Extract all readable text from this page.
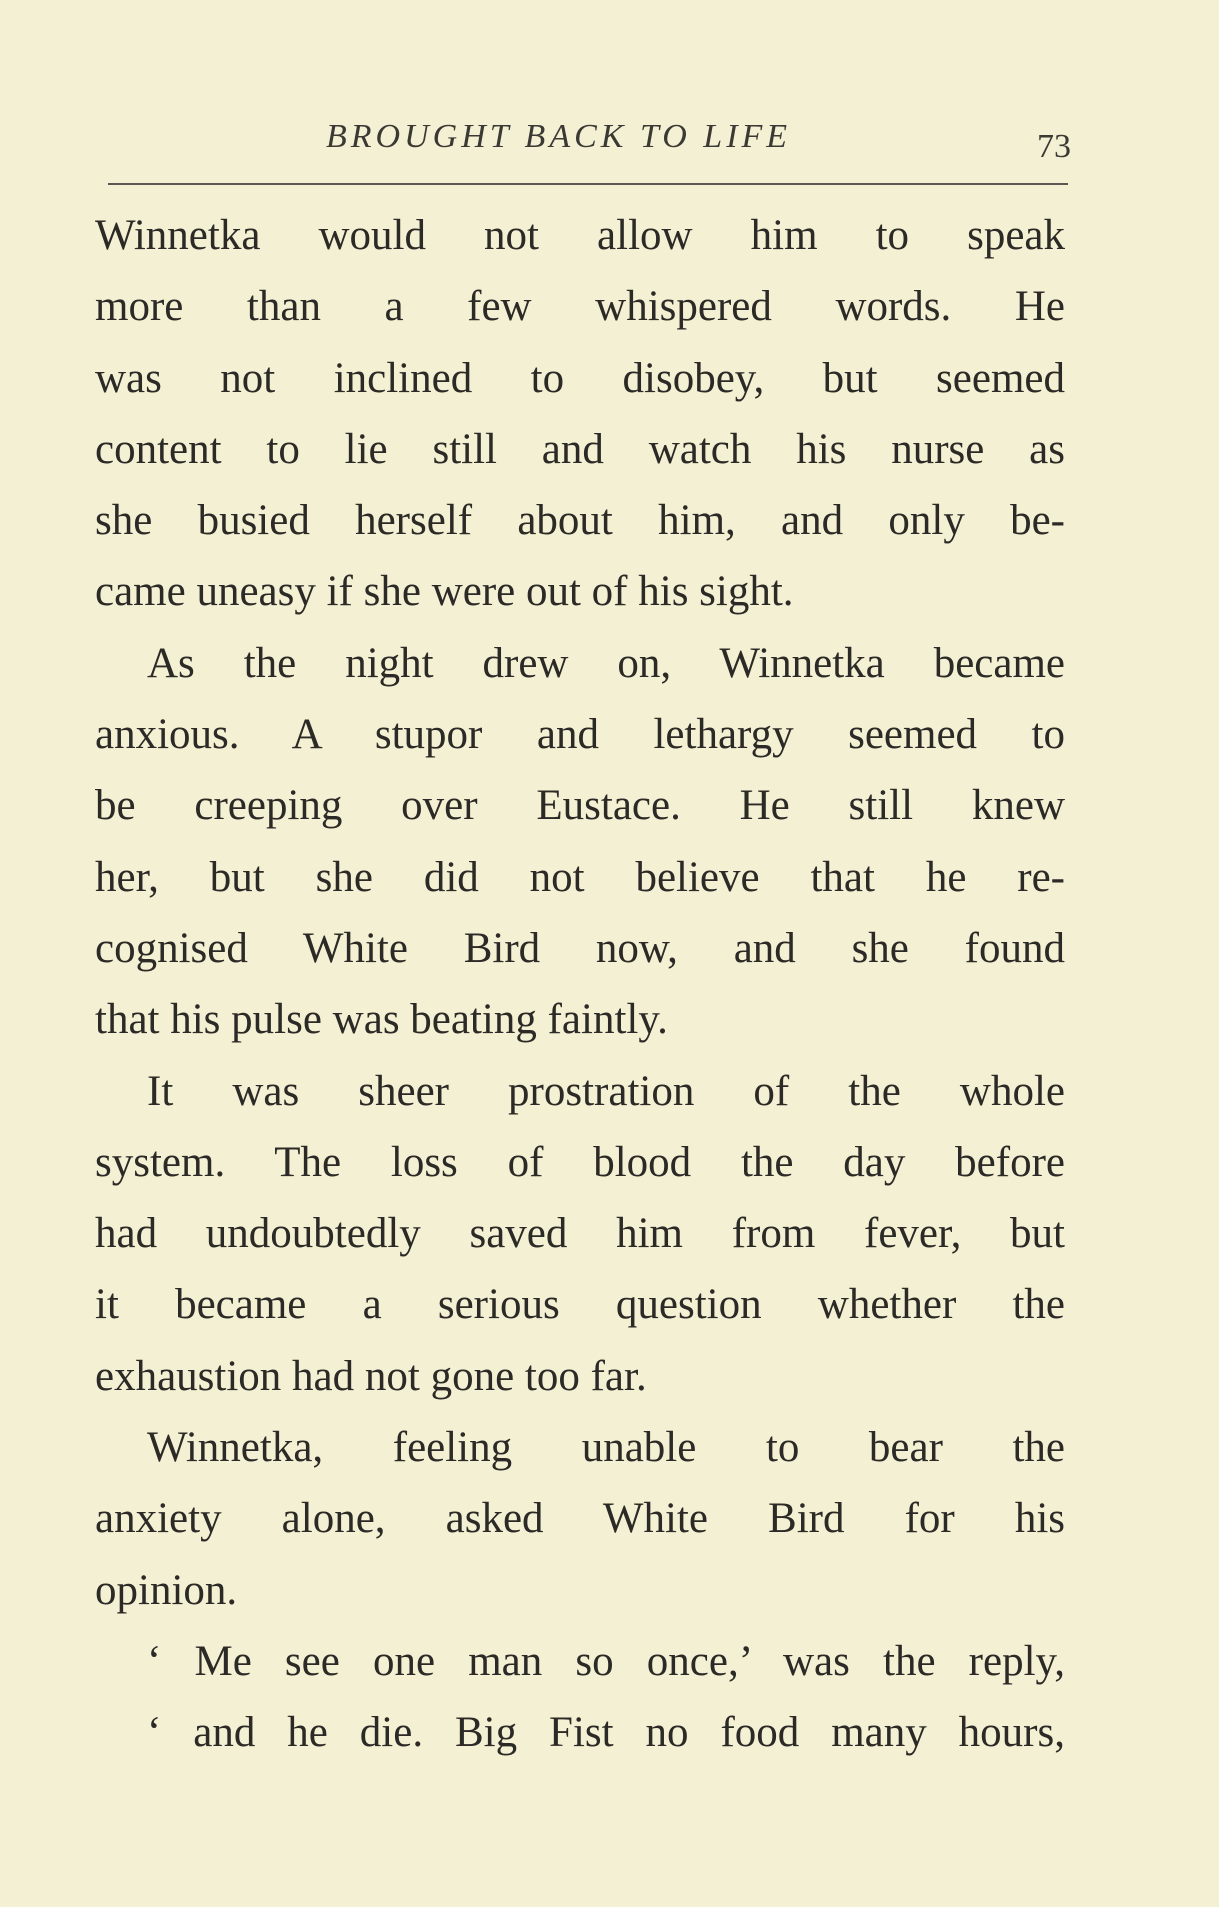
BROUGHT BACK TO LIFE	73
Winnetka would not allow him to speak
more than a few whispered words. He
was not inclined to disobey, but seemed
content to lie still and watch his nurse as
she busied herself about him, and only be-
came uneasy if she were out of his sight.
As the night drew on, Winnetka became
anxious. A stupor and lethargy seemed to
be creeping over Eustace. He still knew
her, but she did not believe that he re-
cognised White Bird now, and she found
that his pulse was beating faintly.
It was sheer prostration of the whole
system. The loss of blood the day before
had undoubtedly saved him from fever, but
it became a serious question whether the
exhaustion had not gone too far.
Winnetka, feeling unable to bear the
anxiety alone, asked White Bird for his
opinion.
‘ Me see one man so once,’ was the reply,
‘ and he die. Big Fist no food many hours,
